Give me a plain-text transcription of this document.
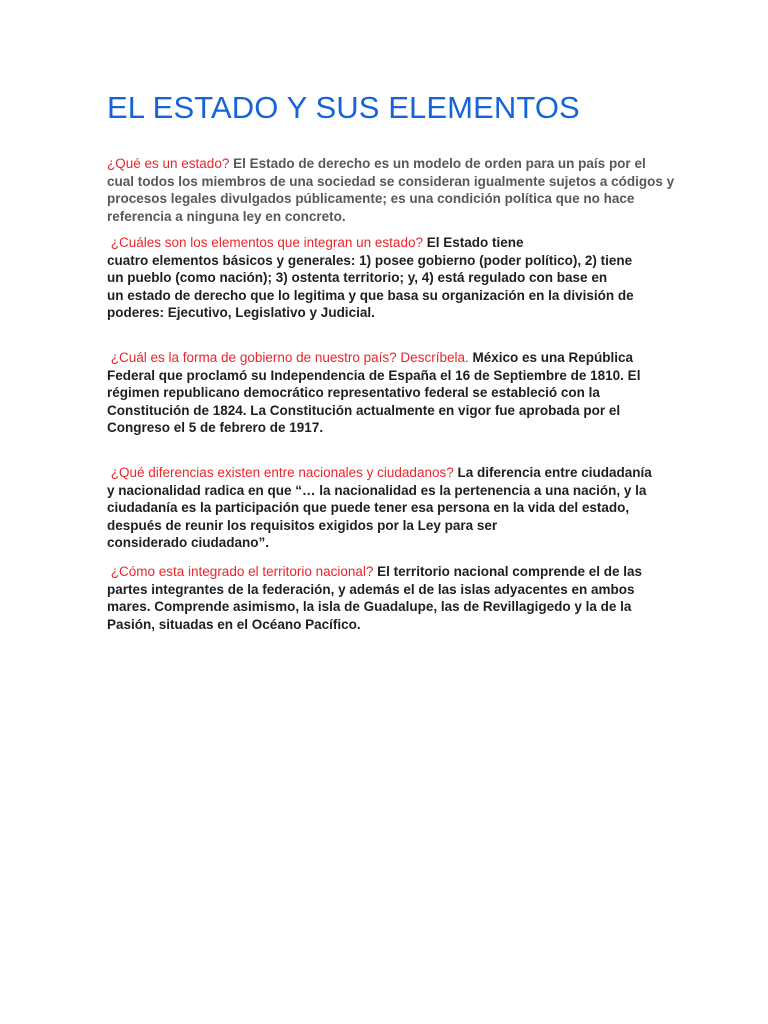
EL ESTADO Y SUS ELEMENTOS

¿Qué es un estado? El Estado de derecho es un modelo de orden para un país por el
cual todos los miembros de una sociedad se consideran igualmente sujetos a códigos y
procesos legales divulgados públicamente; es una condición política que no hace
referencia a ninguna ley en concreto.

¿Cuáles son los elementos que integran un estado? El Estado tiene
cuatro elementos básicos y generales: 1) posee gobierno (poder político), 2) tiene
un pueblo (como nación); 3) ostenta territorio; y, 4) está regulado con base en
un estado de derecho que lo legitima y que basa su organización en la división de
poderes: Ejecutivo, Legislativo y Judicial.

¿Cuál es la forma de gobierno de nuestro país? Descríbela. México es una República
Federal que proclamó su Independencia de España el 16 de Septiembre de 1810. El
régimen republicano democrático representativo federal se estableció con la
Constitución de 1824. La Constitución actualmente en vigor fue aprobada por el
Congreso el 5 de febrero de 1917.

¿Qué diferencias existen entre nacionales y ciudadanos? La diferencia entre ciudadanía
y nacionalidad radica en que “… la nacionalidad es la pertenencia a una nación, y la
ciudadanía es la participación que puede tener esa persona en la vida del estado,
después de reunir los requisitos exigidos por la Ley para ser
considerado ciudadano”.

¿Cómo esta integrado el territorio nacional? El territorio nacional comprende el de las
partes integrantes de la federación, y además el de las islas adyacentes en ambos
mares. Comprende asimismo, la isla de Guadalupe, las de Revillagigedo y la de la
Pasión, situadas en el Océano Pacífico.
